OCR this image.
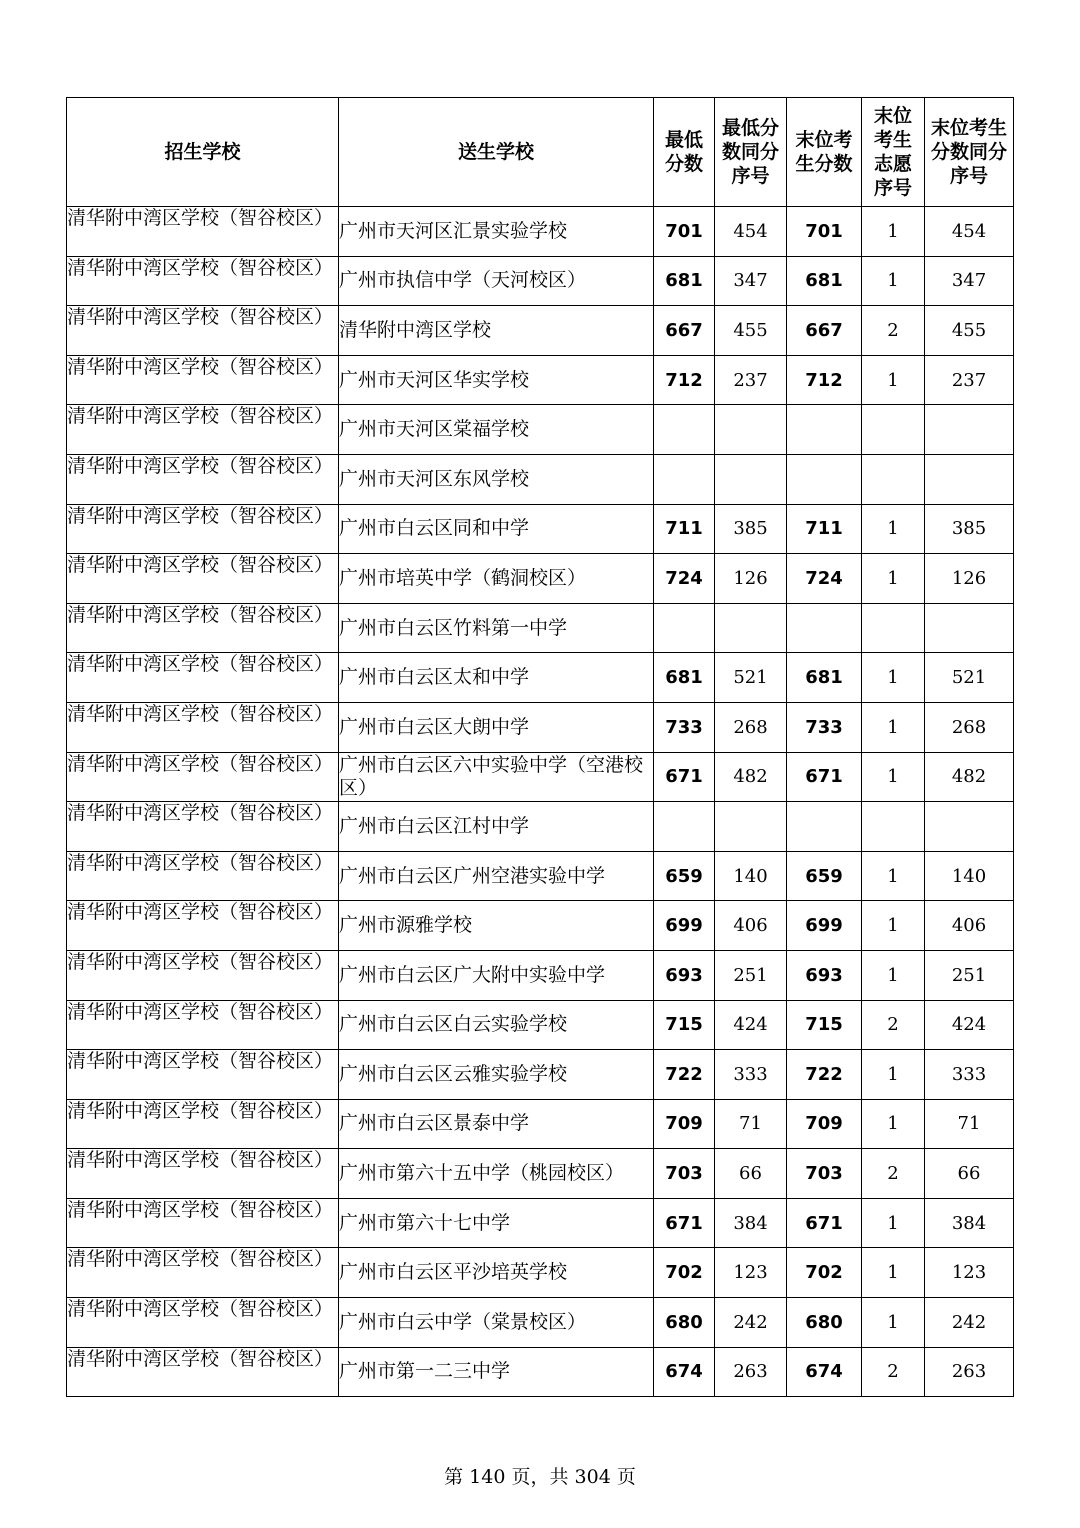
招生学校	送生学校	最低分数	最低分数同分序号	末位考生分数	末位考生志愿序号	末位考生分数同分序号
清华附中湾区学校（智谷校区）	广州市天河区汇景实验学校	701	454	701	1	454
清华附中湾区学校（智谷校区）	广州市执信中学（天河校区）	681	347	681	1	347
清华附中湾区学校（智谷校区）	清华附中湾区学校	667	455	667	2	455
清华附中湾区学校（智谷校区）	广州市天河区华实学校	712	237	712	1	237
清华附中湾区学校（智谷校区）	广州市天河区棠福学校					
清华附中湾区学校（智谷校区）	广州市天河区东风学校					
清华附中湾区学校（智谷校区）	广州市白云区同和中学	711	385	711	1	385
清华附中湾区学校（智谷校区）	广州市培英中学（鹤洞校区）	724	126	724	1	126
清华附中湾区学校（智谷校区）	广州市白云区竹料第一中学					
清华附中湾区学校（智谷校区）	广州市白云区太和中学	681	521	681	1	521
清华附中湾区学校（智谷校区）	广州市白云区大朗中学	733	268	733	1	268
清华附中湾区学校（智谷校区）	广州市白云区六中实验中学（空港校区）	671	482	671	1	482
清华附中湾区学校（智谷校区）	广州市白云区江村中学					
清华附中湾区学校（智谷校区）	广州市白云区广州空港实验中学	659	140	659	1	140
清华附中湾区学校（智谷校区）	广州市源雅学校	699	406	699	1	406
清华附中湾区学校（智谷校区）	广州市白云区广大附中实验中学	693	251	693	1	251
清华附中湾区学校（智谷校区）	广州市白云区白云实验学校	715	424	715	2	424
清华附中湾区学校（智谷校区）	广州市白云区云雅实验学校	722	333	722	1	333
清华附中湾区学校（智谷校区）	广州市白云区景泰中学	709	71	709	1	71
清华附中湾区学校（智谷校区）	广州市第六十五中学（桃园校区）	703	66	703	2	66
清华附中湾区学校（智谷校区）	广州市第六十七中学	671	384	671	1	384
清华附中湾区学校（智谷校区）	广州市白云区平沙培英学校	702	123	702	1	123
清华附中湾区学校（智谷校区）	广州市白云中学（棠景校区）	680	242	680	1	242
清华附中湾区学校（智谷校区）	广州市第一二三中学	674	263	674	2	263
第 140 页，共 304 页
